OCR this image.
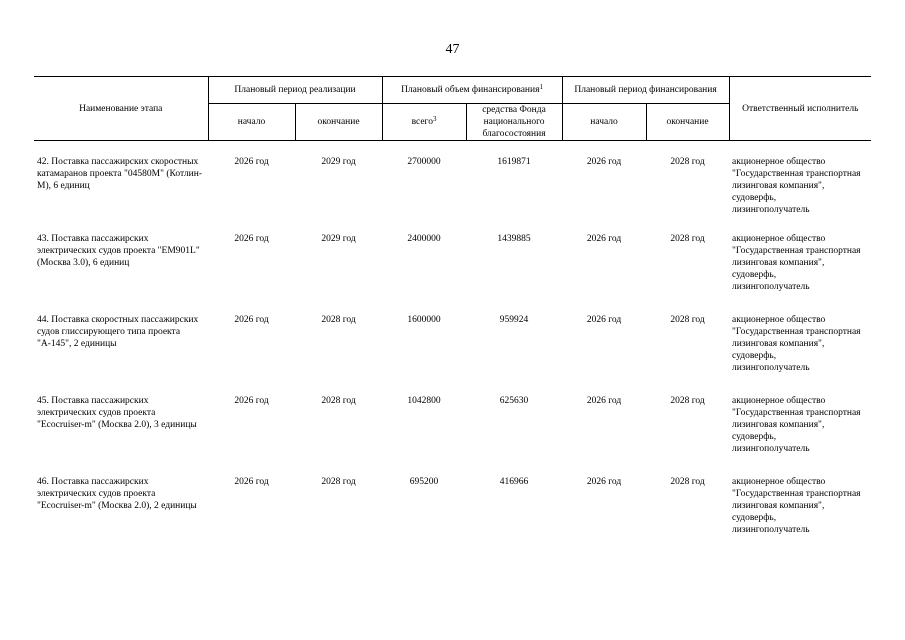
47
Наименование этапа	Плановый период реализации		Плановый объем финансирования$^1$		Плановый период финансирования		Ответственный исполнитель
	начало	окончание	всего$^3$	средства Фонда национального благосостояния	начало	окончание	
42. Поставка пассажирских скоростных катамаранов проекта "04580М" (Котлин-М), 6 единиц	2026 год	2029 год	2700000	1619871	2026 год	2028 год	акционерное общество "Государственная транспортная лизинговая компания",
судоверфь,
лизингополучатель

43. Поставка пассажирских электрических судов проекта "ЕМ901L" (Москва 3.0), 6 единиц	2026 год	2029 год	2400000	1439885	2026 год	2028 год	акционерное общество "Государственная транспортная лизинговая компания",
судоверфь,
лизингополучатель

44. Поставка скоростных пассажирских судов глиссирующего типа проекта "А-145", 2 единицы	2026 год	2028 год	1600000	959924	2026 год	2028 год	акционерное общество "Государственная транспортная лизинговая компания",
судоверфь,
лизингополучатель

45. Поставка пассажирских электрических судов проекта "Ecocruiser-m" (Москва 2.0), 3 единицы	2026 год	2028 год	1042800	625630	2026 год	2028 год	акционерное общество "Государственная транспортная лизинговая компания",
судоверфь,
лизингополучатель

46. Поставка пассажирских электрических судов проекта "Ecocruiser-m" (Москва 2.0), 2 единицы	2026 год	2028 год	695200	416966	2026 год	2028 год	акционерное общество "Государственная транспортная лизинговая компания",
судоверфь,
лизингополучатель
